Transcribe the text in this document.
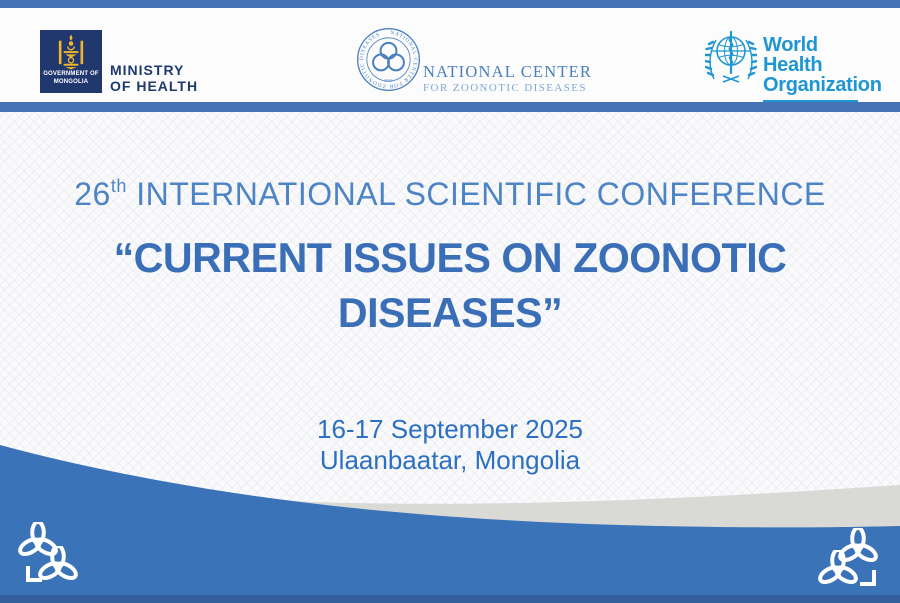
GOVERNMENT OF
MONGOLIA
MINISTRY
OF HEALTH
NATIONAL CENTER FOR ZOONOTIC DISEASES
1931 NATIONAL CENTER
FOR ZOONOTIC DISEASES
World Health
Organization
26th INTERNATIONAL SCIENTIFIC CONFERENCE
“CURRENT ISSUES ON ZOONOTIC
DISEASES”
16-17 September 2025
Ulaanbaatar, Mongolia
